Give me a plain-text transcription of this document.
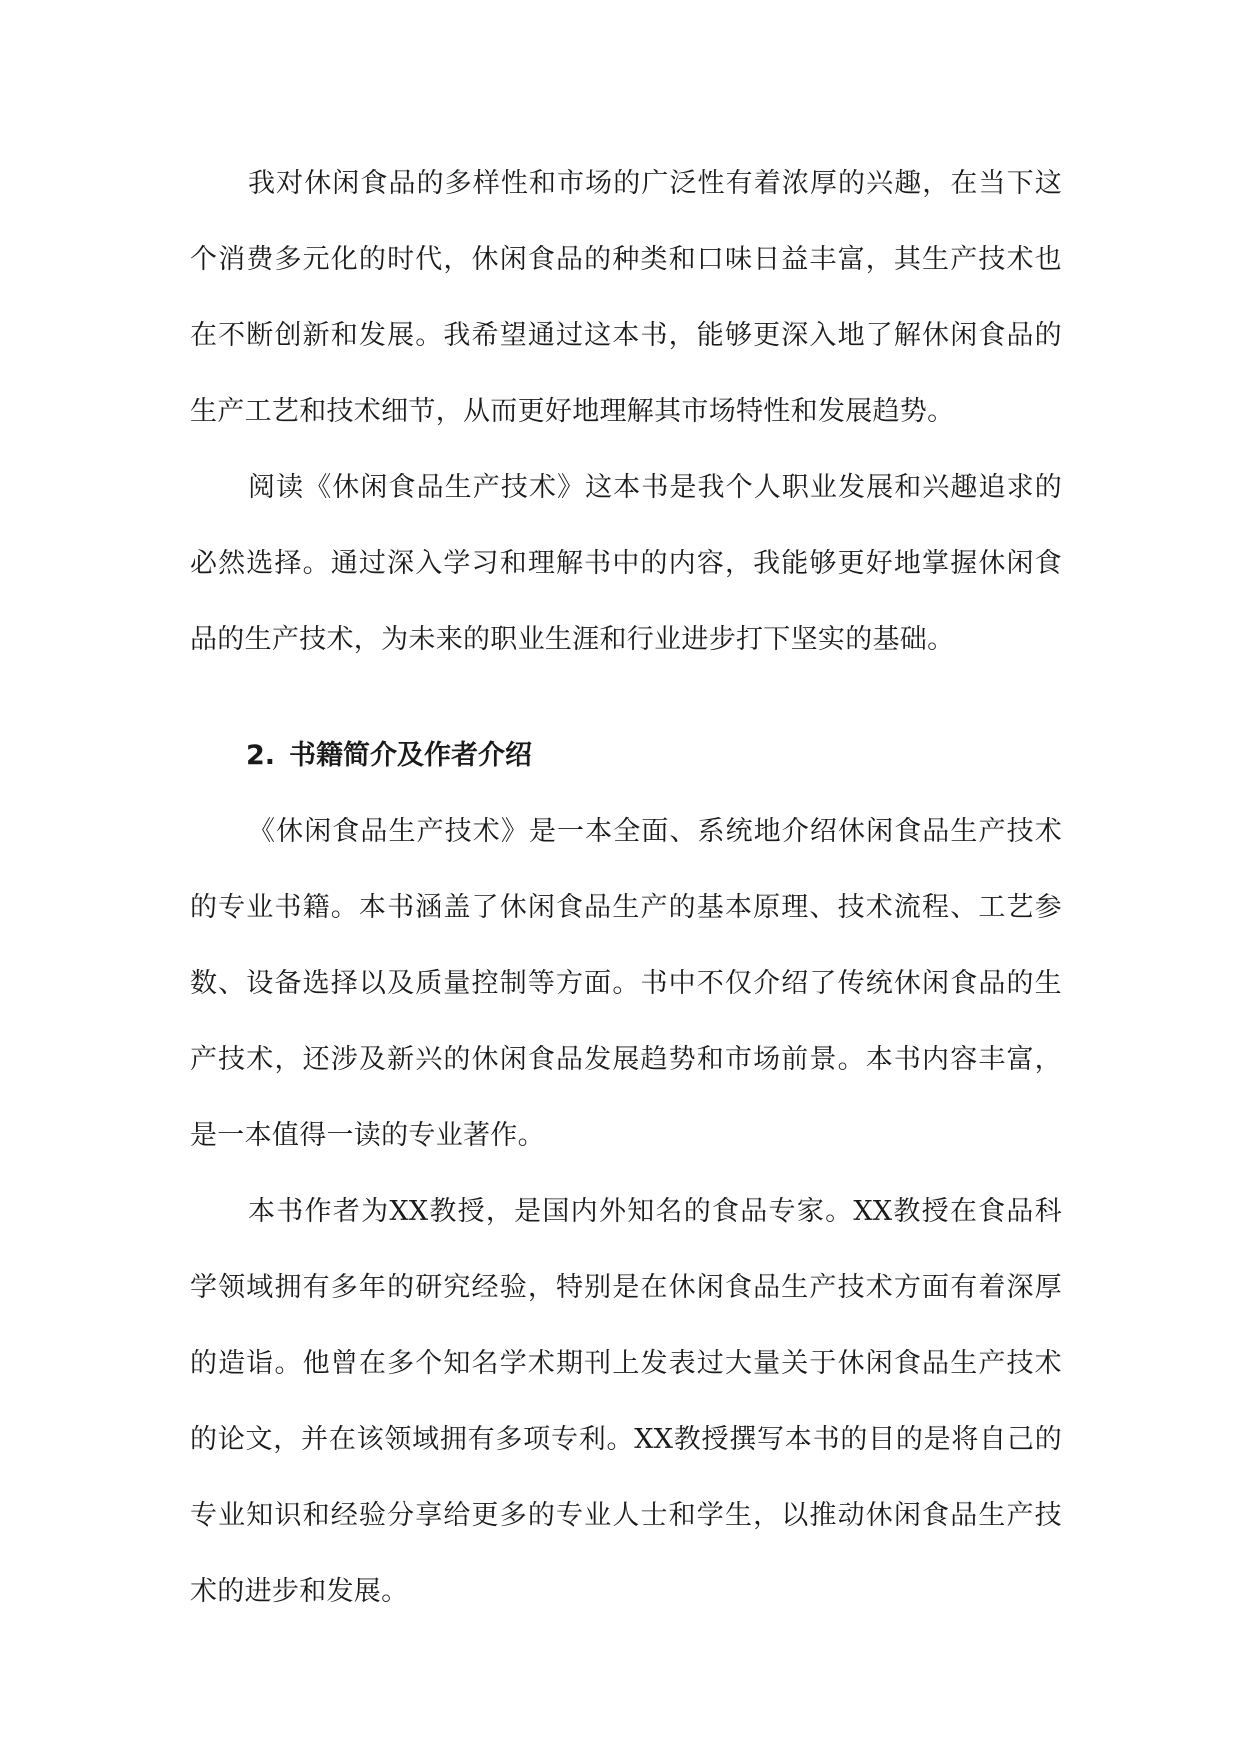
我对休闲食品的多样性和市场的广泛性有着浓厚的兴趣，在当下这个消费多元化的时代，休闲食品的种类和口味日益丰富，其生产技术也在不断创新和发展。我希望通过这本书，能够更深入地了解休闲食品的生产工艺和技术细节，从而更好地理解其市场特性和发展趋势。

阅读《休闲食品生产技术》这本书是我个人职业发展和兴趣追求的必然选择。通过深入学习和理解书中的内容，我能够更好地掌握休闲食品的生产技术，为未来的职业生涯和行业进步打下坚实的基础。

2. 书籍简介及作者介绍

《休闲食品生产技术》是一本全面、系统地介绍休闲食品生产技术的专业书籍。本书涵盖了休闲食品生产的基本原理、技术流程、工艺参数、设备选择以及质量控制等方面。书中不仅介绍了传统休闲食品的生产技术，还涉及新兴的休闲食品发展趋势和市场前景。本书内容丰富，是一本值得一读的专业著作。

本书作者为XX教授，是国内外知名的食品专家。XX教授在食品科学领域拥有多年的研究经验，特别是在休闲食品生产技术方面有着深厚的造诣。他曾在多个知名学术期刊上发表过大量关于休闲食品生产技术的论文，并在该领域拥有多项专利。XX教授撰写本书的目的是将自己的专业知识和经验分享给更多的专业人士和学生，以推动休闲食品生产技术的进步和发展。
